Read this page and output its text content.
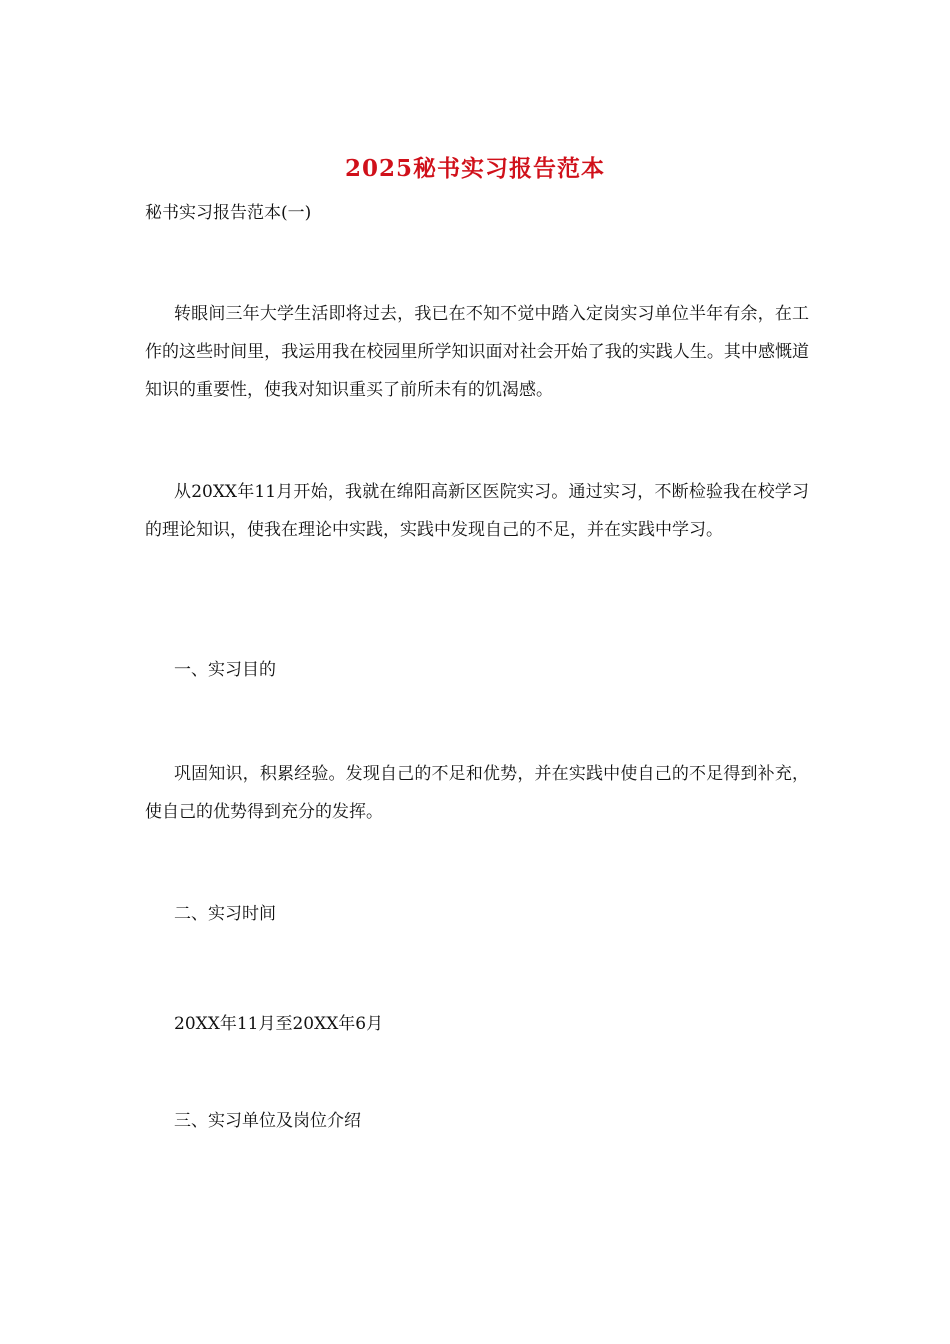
2025秘书实习报告范本
秘书实习报告范本(一)

转眼间三年大学生活即将过去，我已在不知不觉中踏入定岗实习单位半年有余，在工作的这些时间里，我运用我在校园里所学知识面对社会开始了我的实践人生。其中感慨道知识的重要性，使我对知识重买了前所未有的饥渴感。

从20XX年11月开始，我就在绵阳高新区医院实习。通过实习，不断检验我在校学习的理论知识，使我在理论中实践，实践中发现自己的不足，并在实践中学习。

一、实习目的

巩固知识，积累经验。发现自己的不足和优势，并在实践中使自己的不足得到补充，使自己的优势得到充分的发挥。

二、实习时间

20XX年11月至20XX年6月

三、实习单位及岗位介绍
